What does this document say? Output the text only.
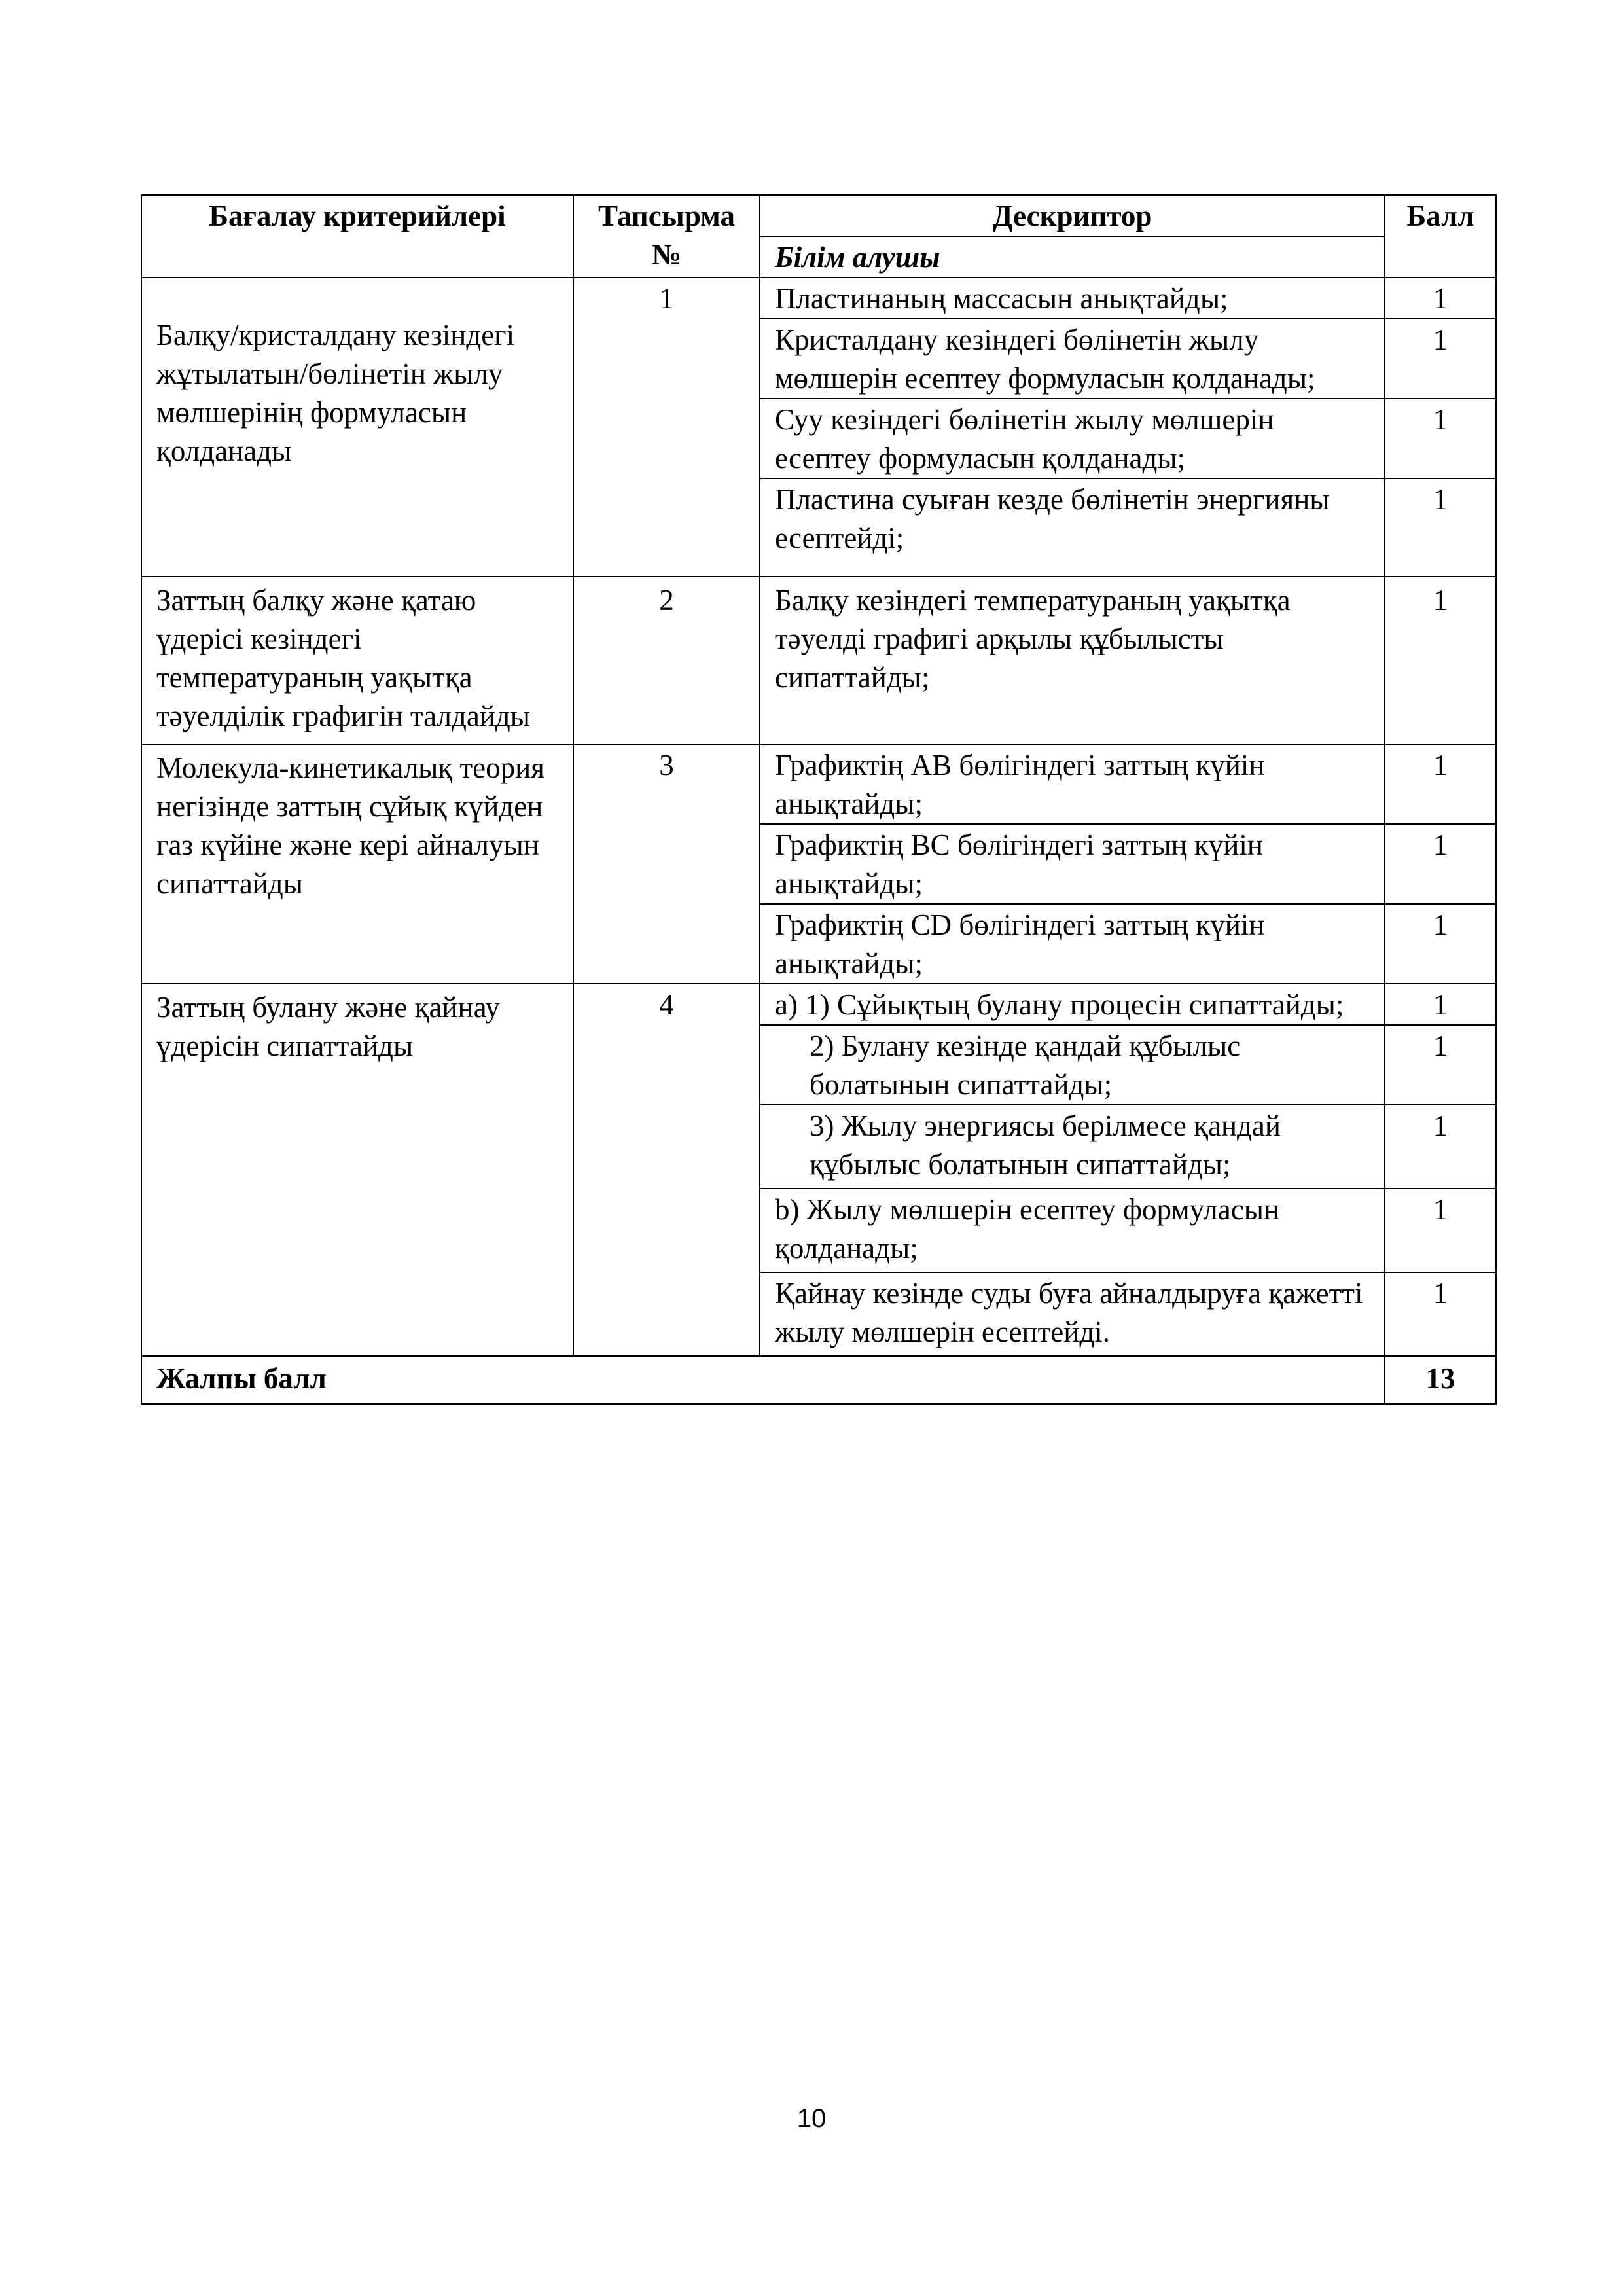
Бағалау критерийлері	Тапсырма №	Дескриптор	Балл
		Білім алушы	
Балқу/кристалдану кезіндегі жұтылатын/бөлінетін жылу мөлшерінің формуласын қолданады	1	Пластинаның массасын анықтайды;	1
		Кристалдану кезіндегі бөлінетін жылу мөлшерін есептеу формуласын қолданады;	1
		Суу кезіндегі бөлінетін жылу мөлшерін есептеу формуласын қолданады;	1
		Пластина суыған кезде бөлінетін энергияны есептейді;	1
Заттың балқу және қатаю үдерісі кезіндегі температураның уақытқа тәуелділік графигін талдайды	2	Балқу кезіндегі температураның уақытқа тәуелді графигі арқылы құбылысты сипаттайды;	1
Молекула-кинетикалық теория негізінде заттың сұйық күйден газ күйіне және кері айналуын сипаттайды	3	Графиктің АВ бөлігіндегі заттың күйін анықтайды;	1
		Графиктің ВС бөлігіндегі заттың күйін анықтайды;	1
		Графиктің CD бөлігіндегі заттың күйін анықтайды;	1
Заттың булану және қайнау үдерісін сипаттайды	4	a) 1) Сұйықтың булану процесін сипаттайды;	1
		2) Булану кезінде қандай құбылыс болатынын сипаттайды;	1
		3) Жылу энергиясы берілмесе қандай құбылыс болатынын сипаттайды;	1
		b) Жылу мөлшерін есептеу формуласын қолданады;	1
		Қайнау кезінде суды буға айналдыруға қажетті жылу мөлшерін есептейді.	1
Жалпы балл			13
10
